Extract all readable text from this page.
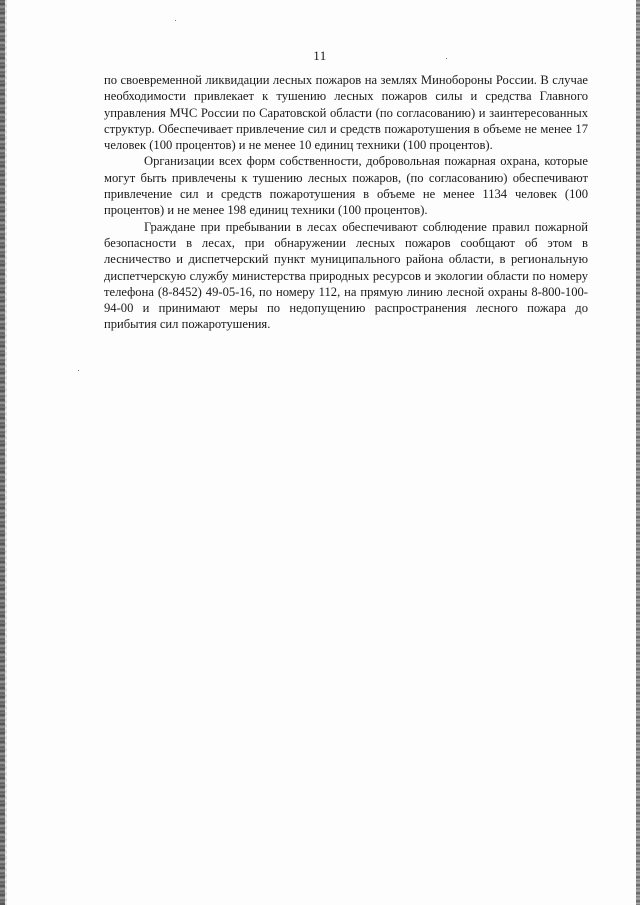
11

по своевременной ликвидации лесных пожаров на землях Минобороны России. В случае необходимости привлекает к тушению лесных пожаров силы и средства Главного управления МЧС России по Саратовской области (по согласованию) и заинтересованных структур. Обеспечивает привлечение сил и средств пожаротушения в объеме не менее 17 человек (100 процентов) и не менее 10 единиц техники (100 процентов).

Организации всех форм собственности, добровольная пожарная охрана, которые могут быть привлечены к тушению лесных пожаров, (по согласованию) обеспечивают привлечение сил и средств пожаротушения в объеме не менее 1134 человек (100 процентов) и не менее 198 единиц техники (100 процентов).

Граждане при пребывании в лесах обеспечивают соблюдение правил пожарной безопасности в лесах, при обнаружении лесных пожаров сообщают об этом в лесничество и диспетчерский пункт муниципального района области, в региональную диспетчерскую службу министерства природных ресурсов и экологии области по номеру телефона (8-8452) 49-05-16, по номеру 112, на прямую линию лесной охраны 8-800-100-94-00 и принимают меры по недопущению распространения лесного пожара до прибытия сил пожаротушения.
